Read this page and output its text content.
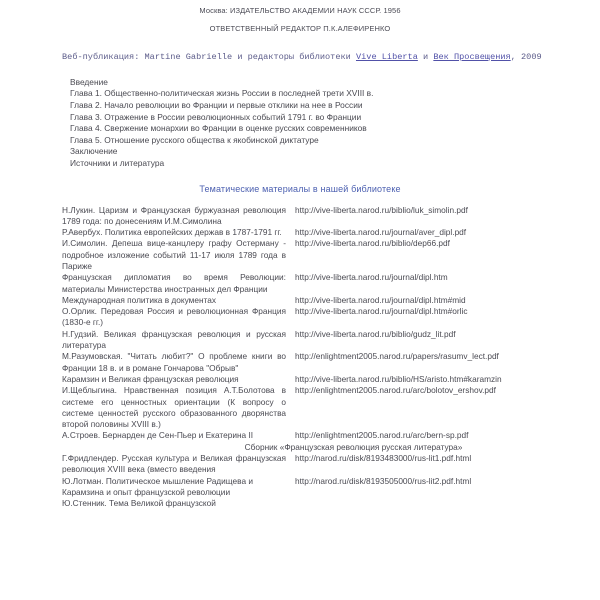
Москва: ИЗДАТЕЛЬСТВО АКАДЕМИИ НАУК СССР. 1956
ОТВЕТСТВЕННЫЙ РЕДАКТОР П.К.АЛЕФИРЕНКО
Веб-публикация: Martine Gabrielle и редакторы библиотеки Vive Liberta и Век Просвещения, 2009
Введение
Глава 1. Общественно-политическая жизнь России в последней трети XVIII в.
Глава 2. Начало революции во Франции и первые отклики на нее в России
Глава 3. Отражение в России революционных событий 1791 г. во Франции
Глава 4. Свержение монархии во Франции в оценке русских современников
Глава 5. Отношение русского общества к якобинской диктатуре
Заключение
Источники и литература
Тематические материалы в нашей библиотеке
Н.Лукин. Царизм и Французская буржуазная революция 1789 года: по донесениям И.М.Симолина	http://vive-liberta.narod.ru/biblio/luk_simolin.pdf
Р.Авербух. Политика европейских держав в 1787-1791 гг.	http://vive-liberta.narod.ru/journal/aver_dipl.pdf
И.Симолин. Депеша вице-канцлеру графу Остерману - подробное изложение событий 11-17 июля 1789 года в Париже	http://vive-liberta.narod.ru/biblio/dep66.pdf
Французская дипломатия во время Революции: материалы Министерства иностранных дел Франции	http://vive-liberta.narod.ru/journal/dipl.htm
Международная политика в документах	http://vive-liberta.narod.ru/journal/dipl.htm#mid
О.Орлик. Передовая Россия и революционная Франция (1830-е гг.)	http://vive-liberta.narod.ru/journal/dipl.htm#orlic
Н.Гудзий. Великая французская революция и русская литература	http://vive-liberta.narod.ru/biblio/gudz_lit.pdf
М.Разумовская. "Читать любит?" О проблеме книги во Франции 18 в. и в романе Гончарова "Обрыв"	http://enlightment2005.narod.ru/papers/rasumv_lect.pdf
Карамзин и Великая французская революция	http://vive-liberta.narod.ru/biblio/HS/aristo.htm#karamzin
И.Щеблыгина. Нравственная позиция А.Т.Болотова в системе его ценностных ориентации (К вопросу о системе ценностей русского образованного дворянства второй половины XVIII в.)	http://enlightment2005.narod.ru/arc/bolotov_ershov.pdf
А.Строев. Бернарден де Сен-Пьер и Екатерина II	http://enlightment2005.narod.ru/arc/bern-sp.pdf

Сборник «Французская революция русская литература»	

Г.Фридлендер. Русская культура и Великая французская революция XVIII века (вместо введения	http://narod.ru/disk/8193483000/rus-lit1.pdf.html
Ю.Лотман. Политическое мышление Радищева и Карамзина и опыт французской революции	http://narod.ru/disk/8193505000/rus-lit2.pdf.html
Ю.Стенник. Тема Великой французской	
